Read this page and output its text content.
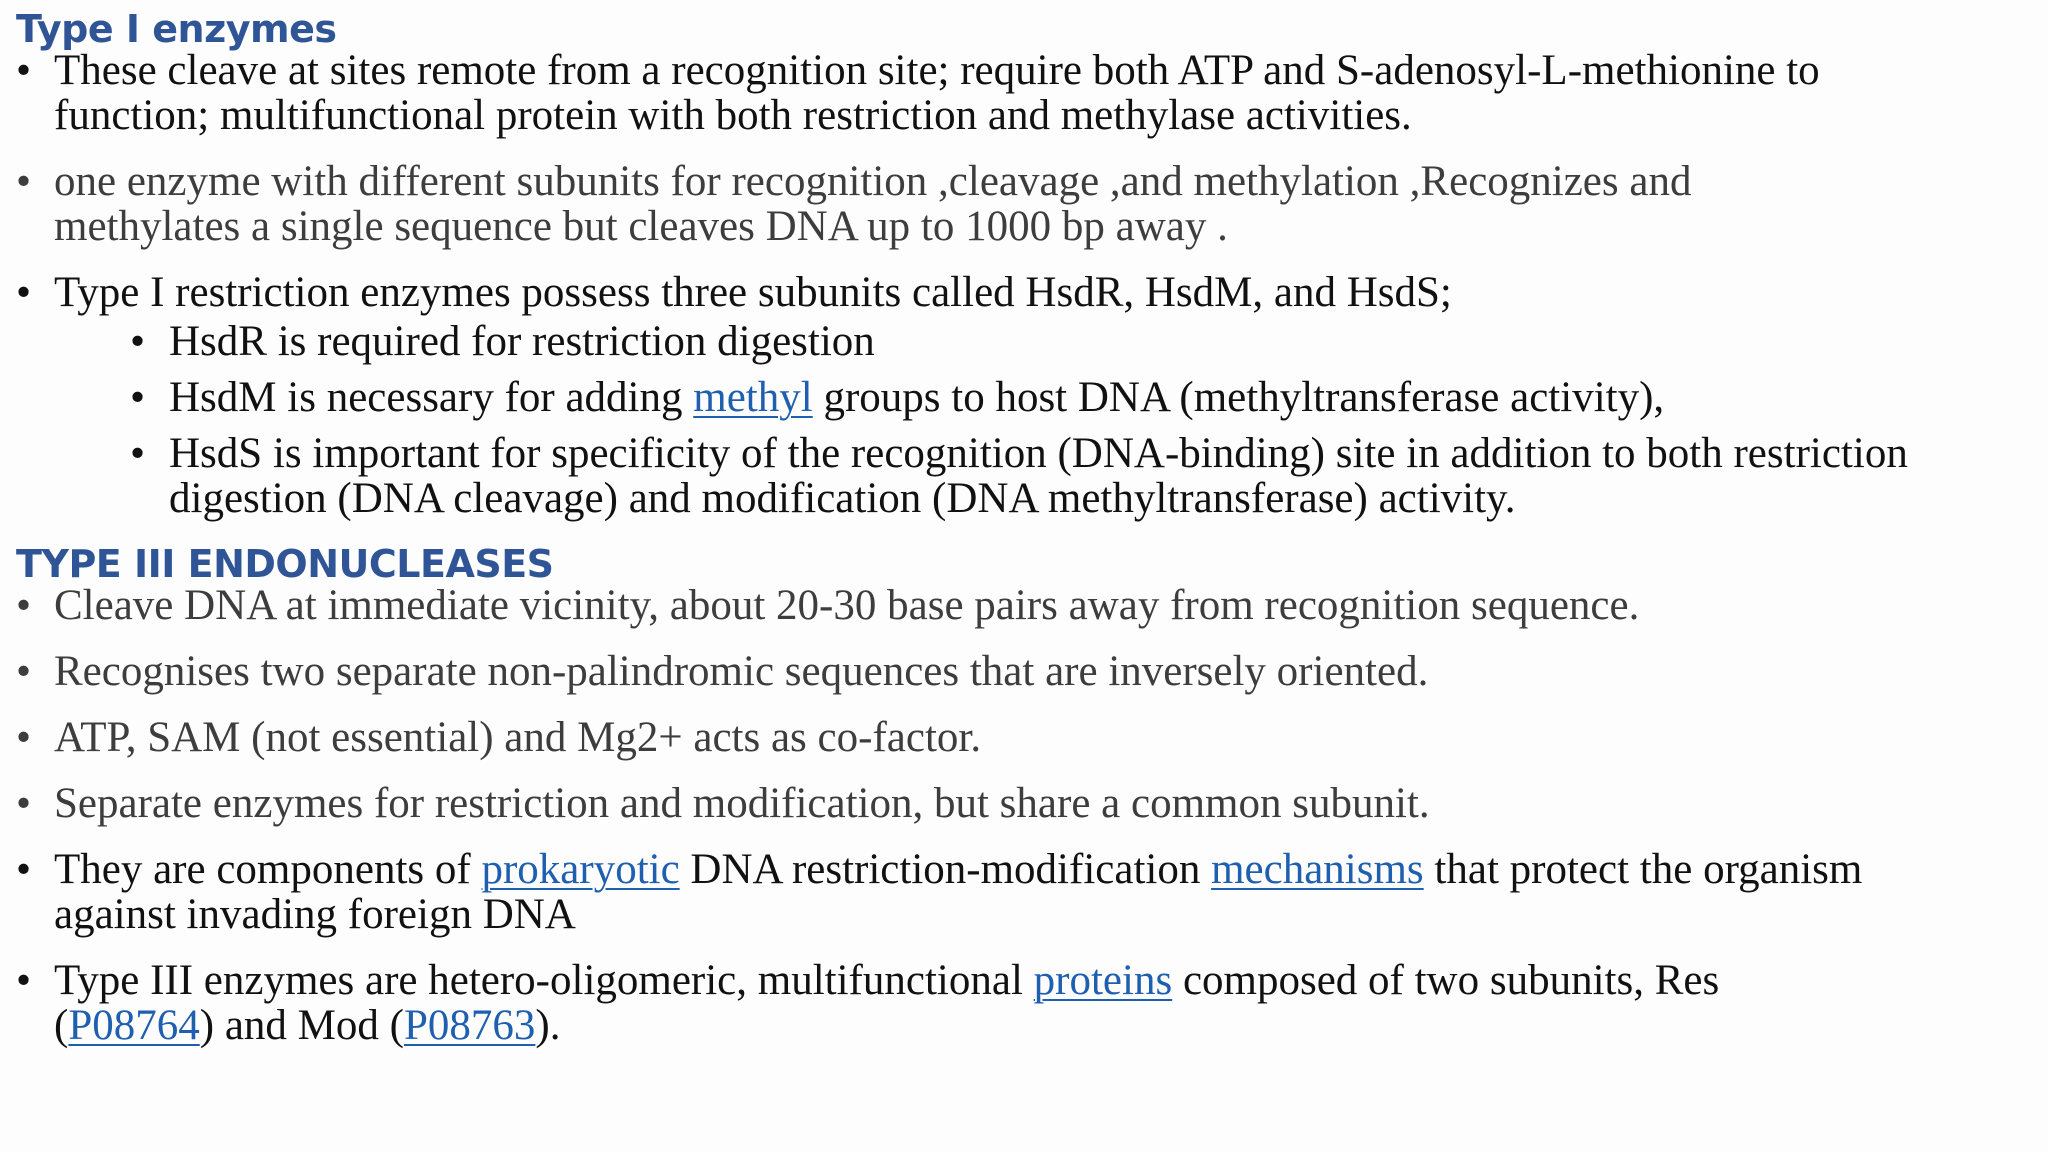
Type I enzymes
• These cleave at sites remote from a recognition site; require both ATP and S-adenosyl-L-methionine to
function; multifunctional protein with both restriction and methylase activities.
• one enzyme with different subunits for recognition ,cleavage ,and methylation ,Recognizes and
methylates a single sequence but cleaves DNA up to 1000 bp away .
• Type I restriction enzymes possess three subunits called HsdR, HsdM, and HsdS;
• HsdR is required for restriction digestion
• HsdM is necessary for adding methyl groups to host DNA (methyltransferase activity),
• HsdS is important for specificity of the recognition (DNA-binding) site in addition to both restriction
digestion (DNA cleavage) and modification (DNA methyltransferase) activity.
TYPE III ENDONUCLEASES
• Cleave DNA at immediate vicinity, about 20-30 base pairs away from recognition sequence.
• Recognises two separate non-palindromic sequences that are inversely oriented.
• ATP, SAM (not essential) and Mg2+ acts as co-factor.
• Separate enzymes for restriction and modification, but share a common subunit.
• They are components of prokaryotic DNA restriction-modification mechanisms that protect the organism
against invading foreign DNA
• Type III enzymes are hetero-oligomeric, multifunctional proteins composed of two subunits, Res
(P08764) and Mod (P08763).
